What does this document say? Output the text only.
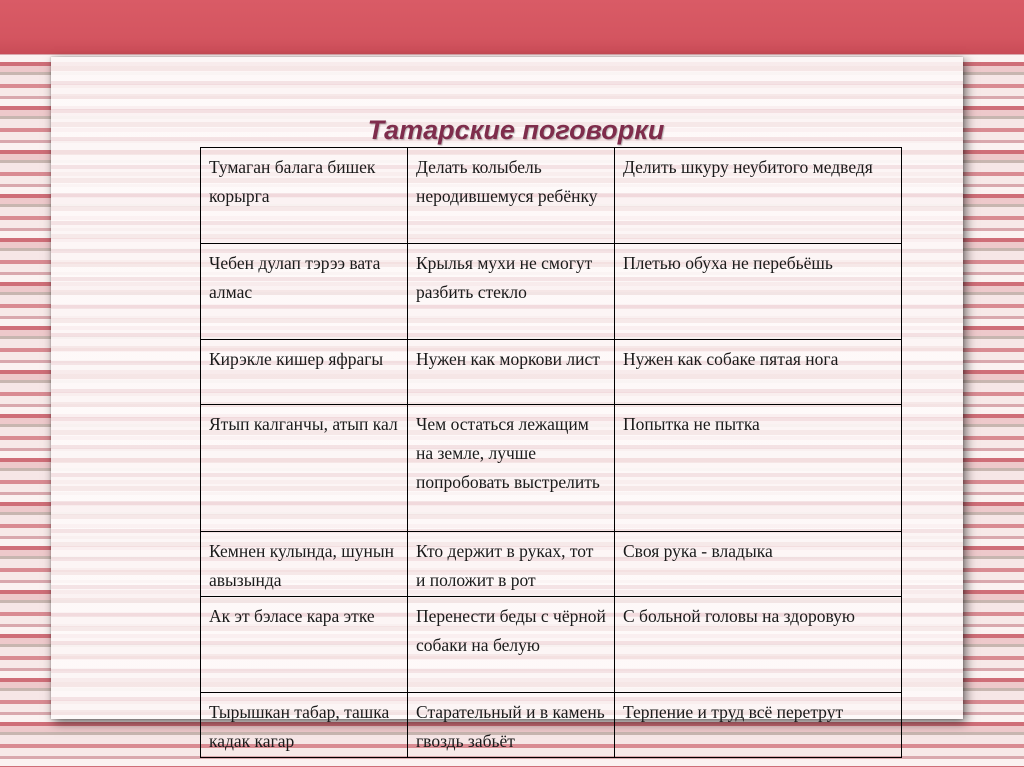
Татарские поговорки
Тумаган балага бишек корырга	Делать колыбель неродившемуся ребёнку	Делить шкуру неубитого медведя
Чебен дулап тэрээ вата алмас	Крылья мухи не смогут разбить стекло	Плетью обуха не перебьёшь
Кирэкле кишер яфрагы	Нужен как моркови лист	Нужен как собаке пятая нога
Ятып калганчы, атып кал	Чем остаться лежащим на земле, лучше попробовать выстрелить	Попытка не пытка
Кемнен кулында, шунын авызында	Кто держит в руках, тот и положит в рот	Своя рука - владыка
Ак эт бэласе кара этке	Перенести беды с чёрной собаки на белую	С больной головы на здоровую
Тырышкан табар, ташка кадак кагар	Старательный и в камень гвоздь забьёт	Терпение и труд всё перетрут
